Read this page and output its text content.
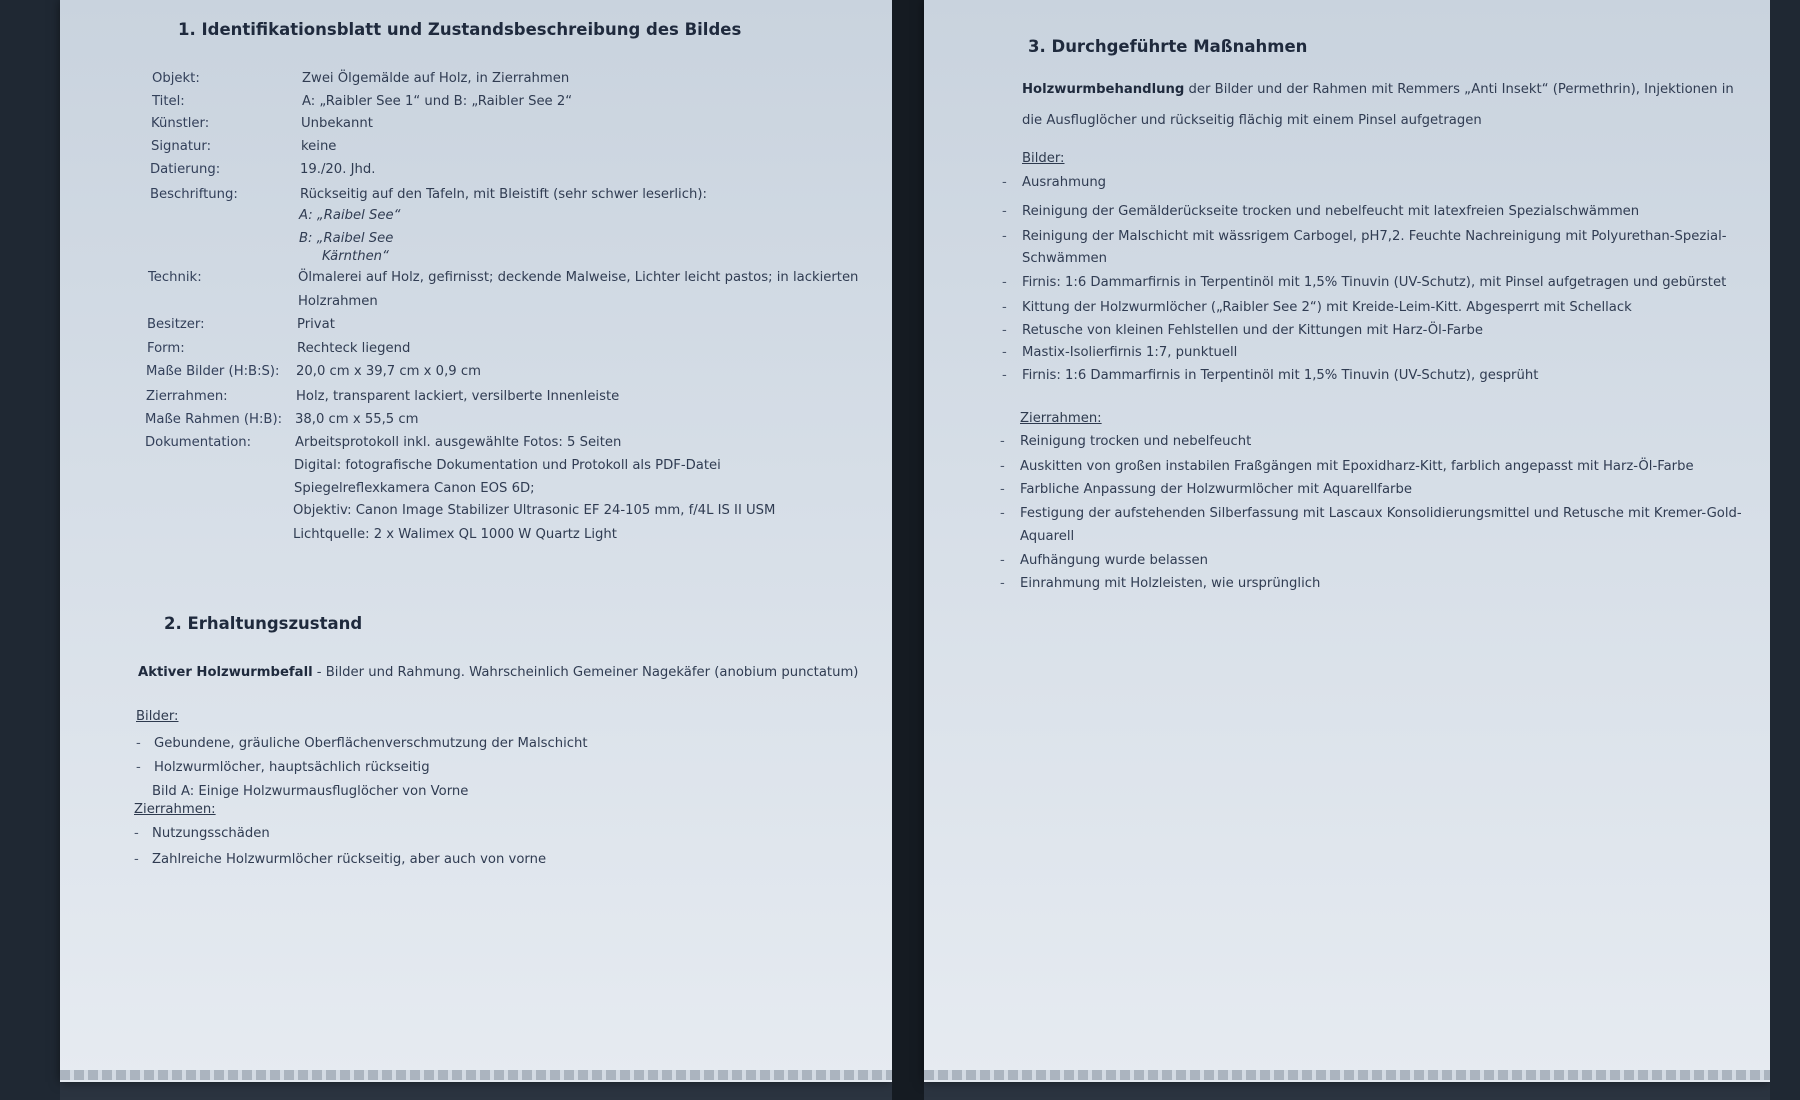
1. Identifikationsblatt und Zustandsbeschreibung des Bildes
Objekt:	Zwei Ölgemälde auf Holz, in Zierrahmen
Titel:	A: „Raibler See 1“ und B: „Raibler See 2“
Künstler:	Unbekannt
Signatur:	keine
Datierung:	19./20. Jhd.
Beschriftung:	Rückseitig auf den Tafeln, mit Bleistift (sehr schwer leserlich):
A: „Raibel See“
B: „Raibel See
Kärnthen“
Technik:	Ölmalerei auf Holz, gefirnisst; deckende Malweise, Lichter leicht pastos; in lackierten
Holzrahmen
Besitzer:	Privat
Form:	Rechteck liegend
Maße Bilder (H:B:S): 20,0 cm x 39,7 cm x 0,9 cm
Zierrahmen:	Holz, transparent lackiert, versilberte Innenleiste
Maße Rahmen (H:B): 38,0 cm x 55,5 cm
Dokumentation:	Arbeitsprotokoll inkl. ausgewählte Fotos: 5 Seiten
Digital: fotografische Dokumentation und Protokoll als PDF-Datei
Spiegelreflexkamera Canon EOS 6D;
Objektiv: Canon Image Stabilizer Ultrasonic EF 24-105 mm, f/4L IS II USM
Lichtquelle: 2 x Walimex QL 1000 W Quartz Light
2. Erhaltungszustand
Aktiver Holzwurmbefall - Bilder und Rahmung. Wahrscheinlich Gemeiner Nagekäfer (anobium punctatum)
Bilder:
- Gebundene, gräuliche Oberflächenverschmutzung der Malschicht
- Holzwurmlöcher, hauptsächlich rückseitig
Bild A: Einige Holzwurmausfluglöcher von Vorne
Zierrahmen:
- Nutzungsschäden
- Zahlreiche Holzwurmlöcher rückseitig, aber auch von vorne
3. Durchgeführte Maßnahmen
Holzwurmbehandlung der Bilder und der Rahmen mit Remmers „Anti Insekt“ (Permethrin), Injektionen in
die Ausfluglöcher und rückseitig flächig mit einem Pinsel aufgetragen
Bilder:
- Ausrahmung
- Reinigung der Gemälderückseite trocken und nebelfeucht mit latexfreien Spezialschwämmen
- Reinigung der Malschicht mit wässrigem Carbogel, pH7,2. Feuchte Nachreinigung mit Polyurethan-Spezial-
Schwämmen
- Firnis: 1:6 Dammarfirnis in Terpentinöl mit 1,5% Tinuvin (UV-Schutz), mit Pinsel aufgetragen und gebürstet
- Kittung der Holzwurmlöcher („Raibler See 2“) mit Kreide-Leim-Kitt. Abgesperrt mit Schellack
- Retusche von kleinen Fehlstellen und der Kittungen mit Harz-Öl-Farbe
- Mastix-Isolierfirnis 1:7, punktuell
- Firnis: 1:6 Dammarfirnis in Terpentinöl mit 1,5% Tinuvin (UV-Schutz), gesprüht
Zierrahmen:
- Reinigung trocken und nebelfeucht
- Auskitten von großen instabilen Fraßgängen mit Epoxidharz-Kitt, farblich angepasst mit Harz-Öl-Farbe
- Farbliche Anpassung der Holzwurmlöcher mit Aquarellfarbe
- Festigung der aufstehenden Silberfassung mit Lascaux Konsolidierungsmittel und Retusche mit Kremer-Gold-
Aquarell
- Aufhängung wurde belassen
- Einrahmung mit Holzleisten, wie ursprünglich
